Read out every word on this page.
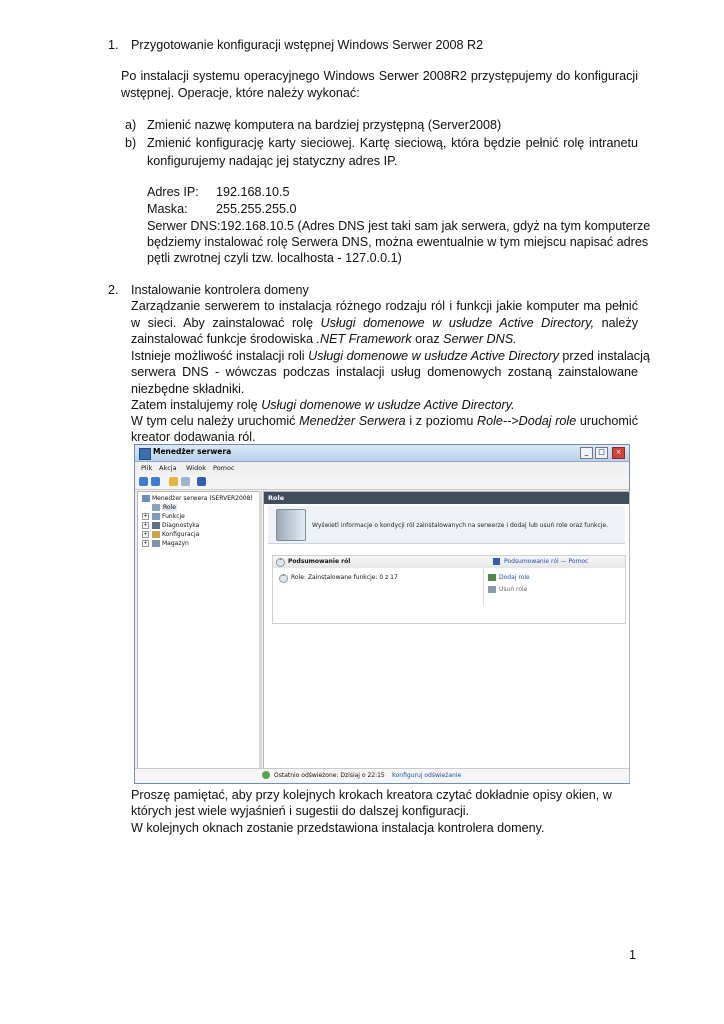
1. Przygotowanie konfiguracji wstępnej Windows Serwer 2008 R2
Po instalacji systemu operacyjnego Windows Serwer 2008R2 przystępujemy do konfiguracji
wstępnej. Operacje, które należy wykonać:
a) Zmienić nazwę komputera na bardziej przystępną (Server2008)
b) Zmienić konfigurację karty sieciowej. Kartę sieciową, która będzie pełnić rolę intranetu
konfigurujemy nadając jej statyczny adres IP.
Adres IP: 192.168.10.5
Maska: 255.255.255.0
Serwer DNS:192.168.10.5 (Adres DNS jest taki sam jak serwera, gdyż na tym komputerze
będziemy instalować rolę Serwera DNS, można ewentualnie w tym miejscu napisać adres
pętli zwrotnej czyli tzw. localhosta - 127.0.0.1)
2. Instalowanie kontrolera domeny
Zarządzanie serwerem to instalacja różnego rodzaju ról i funkcji jakie komputer ma pełnić
w sieci. Aby zainstalować rolę Usługi domenowe w usłudze Active Directory, należy
zainstalować funkcje środowiska .NET Framework oraz Serwer DNS.
Istnieje możliwość instalacji roli Usługi domenowe w usłudze Active Directory przed instalacją
serwera DNS - wówczas podczas instalacji usług domenowych zostaną zainstalowane
niezbędne składniki.
Zatem instalujemy rolę Usługi domenowe w usłudze Active Directory.
W tym celu należy uruchomić Menedżer Serwera i z poziomu Role-->Dodaj role uruchomić
kreator dodawania ról.
Menedżer serwera	_	□	×
Plik Akcja Widok Pomoc
Menedżer serwera (SERVER2008)
Role
+ Funkcje
+ Diagnostyka
+ Konfiguracja
+ Magazyn
Role
Wyświetl informacje o kondycji ról zainstalowanych na serwerze i dodaj lub usuń role oraz funkcje.
˄	Podsumowanie ról	Podsumowanie ról — Pomoc
˄	Role: Zainstalowane funkcje: 0 z 17	Dodaj role
Usuń role
Ostatnio odświeżone: Dzisiaj o 22:15 Konfiguruj odświeżanie
Proszę pamiętać, aby przy kolejnych krokach kreatora czytać dokładnie opisy okien, w
których jest wiele wyjaśnień i sugestii do dalszej konfiguracji.
W kolejnych oknach zostanie przedstawiona instalacja kontrolera domeny.
1
